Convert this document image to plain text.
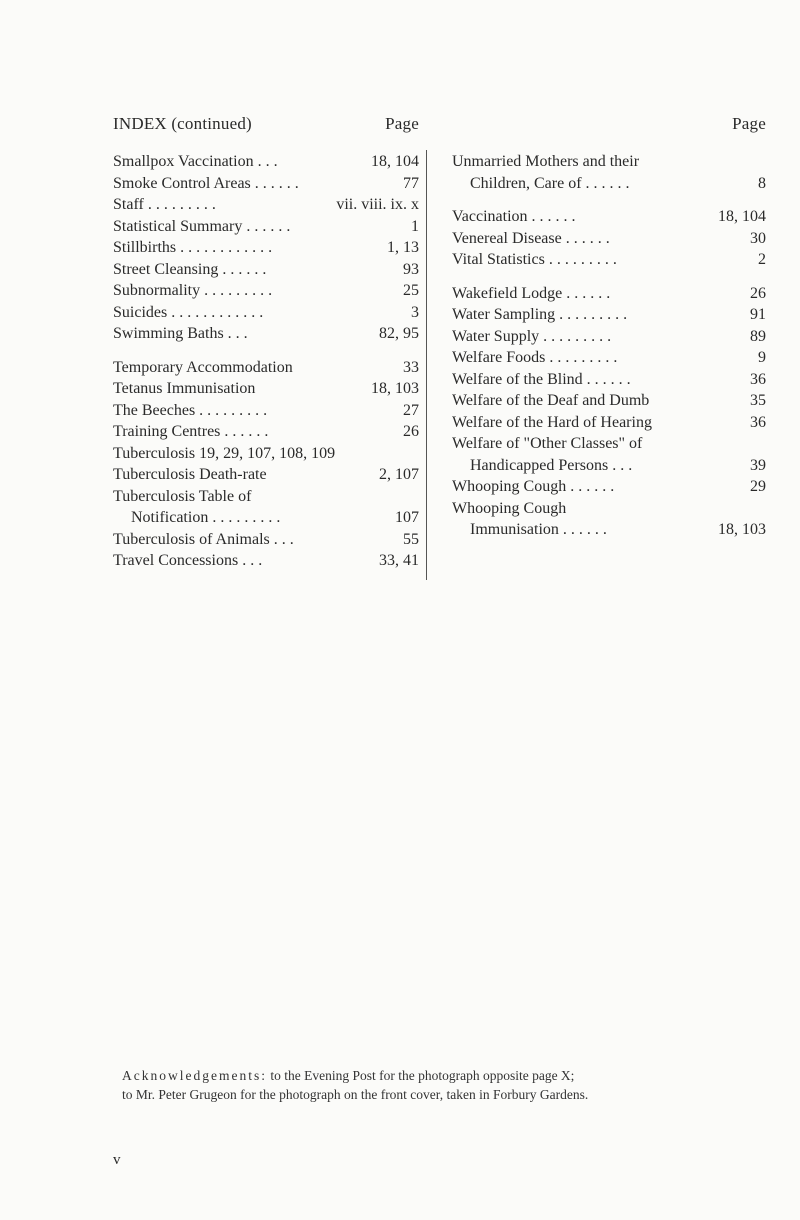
INDEX (continued)	Page
Smallpox Vaccination . . .	18, 104
Smoke Control Areas . . . . . .	77
Staff . . . . . . . . .	vii. viii. ix. x
Statistical Summary . . . . . .	1
Stillbirths . . . . . . . . . . . .	1, 13
Street Cleansing . . . . . .	93
Subnormality . . . . . . . . .	25
Suicides . . . . . . . . . . . .	3
Swimming Baths . . .	82, 95
Temporary Accommodation	33
Tetanus Immunisation	18, 103
The Beeches . . . . . . . . .	27
Training Centres . . . . . .	26
Tuberculosis 19, 29, 107, 108, 109
Tuberculosis Death-rate	2, 107
Tuberculosis Table of
Notification . . . . . . . . .	107
Tuberculosis of Animals . . .	55
Travel Concessions . . .	33, 41
Page
Unmarried Mothers and their
Children, Care of . . . . . .	8
Vaccination . . . . . .	18, 104
Venereal Disease . . . . . .	30
Vital Statistics . . . . . . . . .	2
Wakefield Lodge . . . . . .	26
Water Sampling . . . . . . . . .	91
Water Supply . . . . . . . . .	89
Welfare Foods . . . . . . . . .	9
Welfare of the Blind . . . . . .	36
Welfare of the Deaf and Dumb	35
Welfare of the Hard of Hearing	36
Welfare of "Other Classes" of
Handicapped Persons . . .	39
Whooping Cough . . . . . .	29
Whooping Cough
Immunisation . . . . . .	18, 103
Acknowledgements: to the Evening Post for the photograph opposite page X;
to Mr. Peter Grugeon for the photograph on the front cover, taken in Forbury Gardens.
v
